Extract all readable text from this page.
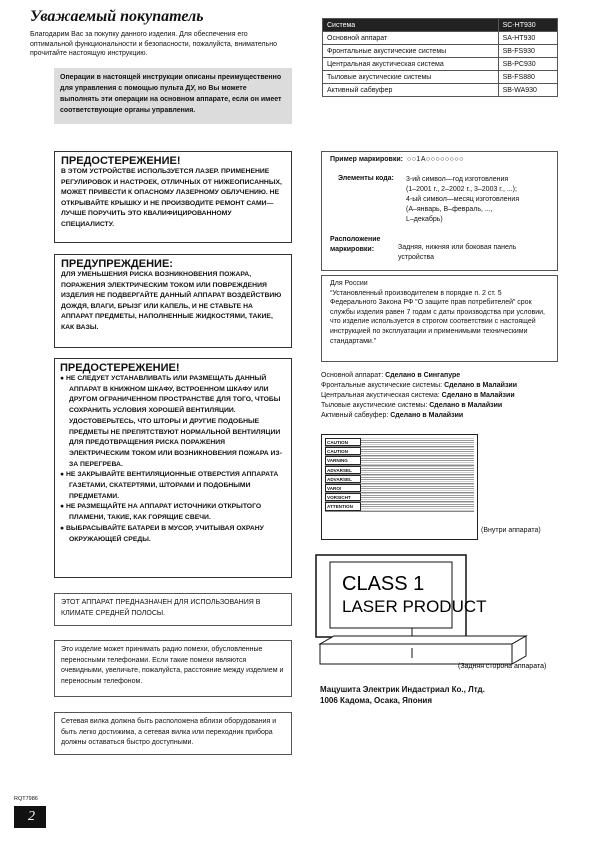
Уважаемый покупатель
Благодарим Вас за покупку данного изделия. Для обеспечения его оптимальной функциональности и безопасности, пожалуйста, внимательно прочитайте настоящую инструкцию.
Операции в настоящей инструкции описаны преимущественно для управления с помощью пульта ДУ, но Вы можете выполнять эти операции на основном аппарате, если он имеет соответствующие органы управления.
Система	SC-HT930
Основной аппарат	SA-HT930
Фронтальные акустические системы	SB-FS930
Центральная акустическая система	SB-PC930
Тыловые акустические системы	SB-FS880
Активный сабвуфер	SB-WA930
ПРЕДОСТЕРЕЖЕНИЕ!

В ЭТОМ УСТРОЙСТВЕ ИСПОЛЬЗУЕТСЯ ЛАЗЕР. ПРИМЕНЕНИЕ РЕГУЛИРОВОК И НАСТРОЕК, ОТЛИЧНЫХ ОТ НИЖЕОПИСАННЫХ, МОЖЕТ ПРИВЕСТИ К ОПАСНОМУ ЛАЗЕРНОМУ ОБЛУЧЕНИЮ. НЕ ОТКРЫВАЙТЕ КРЫШКУ И НЕ ПРОИЗВОДИТЕ РЕМОНТ САМИ—ЛУЧШЕ ПОРУЧИТЬ ЭТО КВАЛИФИЦИРОВАННОМУ СПЕЦИАЛИСТУ.

ПРЕДУПРЕЖДЕНИЕ:

ДЛЯ УМЕНЬШЕНИЯ РИСКА ВОЗНИКНОВЕНИЯ ПОЖАРА, ПОРАЖЕНИЯ ЭЛЕКТРИЧЕСКИМ ТОКОМ ИЛИ ПОВРЕЖДЕНИЯ ИЗДЕЛИЯ НЕ ПОДВЕРГАЙТЕ ДАННЫЙ АППАРАТ ВОЗДЕЙСТВИЮ ДОЖДЯ, ВЛАГИ, БРЫЗГ ИЛИ КАПЕЛЬ, И НЕ СТАВЬТЕ НА АППАРАТ ПРЕДМЕТЫ, НАПОЛНЕННЫЕ ЖИДКОСТЯМИ, ТАКИЕ, КАК ВАЗЫ.

ПРЕДОСТЕРЕЖЕНИЕ!
● НЕ СЛЕДУЕТ УСТАНАВЛИВАТЬ ИЛИ РАЗМЕЩАТЬ ДАННЫЙ АППАРАТ В КНИЖНОМ ШКАФУ, ВСТРОЕННОМ ШКАФУ ИЛИ ДРУГОМ ОГРАНИЧЕННОМ ПРОСТРАНСТВЕ ДЛЯ ТОГО, ЧТОБЫ СОХРАНИТЬ УСЛОВИЯ ХОРОШЕЙ ВЕНТИЛЯЦИИ. УДОСТОВЕРЬТЕСЬ, ЧТО ШТОРЫ И ДРУГИЕ ПОДОБНЫЕ ПРЕДМЕТЫ НЕ ПРЕПЯТСТВУЮТ НОРМАЛЬНОЙ ВЕНТИЛЯЦИИ ДЛЯ ПРЕДОТВРАЩЕНИЯ РИСКА ПОРАЖЕНИЯ ЭЛЕКТРИЧЕСКИМ ТОКОМ ИЛИ ВОЗНИКНОВЕНИЯ ПОЖАРА ИЗ-ЗА ПЕРЕГРЕВА.
● НЕ ЗАКРЫВАЙТЕ ВЕНТИЛЯЦИОННЫЕ ОТВЕРСТИЯ АППАРАТА ГАЗЕТАМИ, СКАТЕРТЯМИ, ШТОРАМИ И ПОДОБНЫМИ ПРЕДМЕТАМИ.
● НЕ РАЗМЕЩАЙТЕ НА АППАРАТ ИСТОЧНИКИ ОТКРЫТОГО ПЛАМЕНИ, ТАКИЕ, КАК ГОРЯЩИЕ СВЕЧИ.
● ВЫБРАСЫВАЙТЕ БАТАРЕИ В МУСОР, УЧИТЫВАЯ ОХРАНУ ОКРУЖАЮЩЕЙ СРЕДЫ.
ЭТОТ АППАРАТ ПРЕДНАЗНАЧЕН ДЛЯ ИСПОЛЬЗОВАНИЯ В КЛИМАТЕ СРЕДНЕЙ ПОЛОСЫ.
Это изделие может принимать радио помехи, обусловленные переносными телефонами. Если такие помехи являются очевидными, увеличьте, пожалуйста, расстояние между изделием и переносным телефоном.
Сетевая вилка должна быть расположена вблизи оборудования и быть легко достижима, а сетевая вилка или переходник прибора должны оставаться быстро доступными.
Пример маркировки: ○○1А○○○○○○○○
Элементы кода:	3-ий символ—год изготовления
(1–2001 г., 2–2002 г., 3–2003 г., ...);
4-ый символ—месяц изготовления
(А–январь, В–февраль, ...,
L–декабрь)
Расположение маркировки:	Задняя, нижняя или боковая панель устройства
Для России
“Установленный производителем в порядке п. 2 ст. 5 Федерального Закона РФ “О защите прав потребителей” срок службы изделия равен 7 годам с даты производства при условии, что изделие используется в строгом соответствии с настоящей инструкцией по эксплуатации и применимыми техническими стандартами.”
Основной аппарат: Сделано в Сингапуре
Фронтальные акустические системы: Сделано в Малайзии
Центральная акустическая система: Сделано в Малайзии
Тыловые акустические системы: Сделано в Малайзии
Активный сабвуфер: Сделано в Малайзии
CAUTION
CAUTION
VARNING
ADVARSEL
ADVARSEL
VARO!
VORSICHT
ATTENTION
(Внутри аппарата)
CLASS 1
LASER PRODUCT
(Задняя сторона аппарата)
Мацушита Электрик Индастриал Ко., Лтд.
1006 Кадома, Осака, Япония
RQT7986
2
